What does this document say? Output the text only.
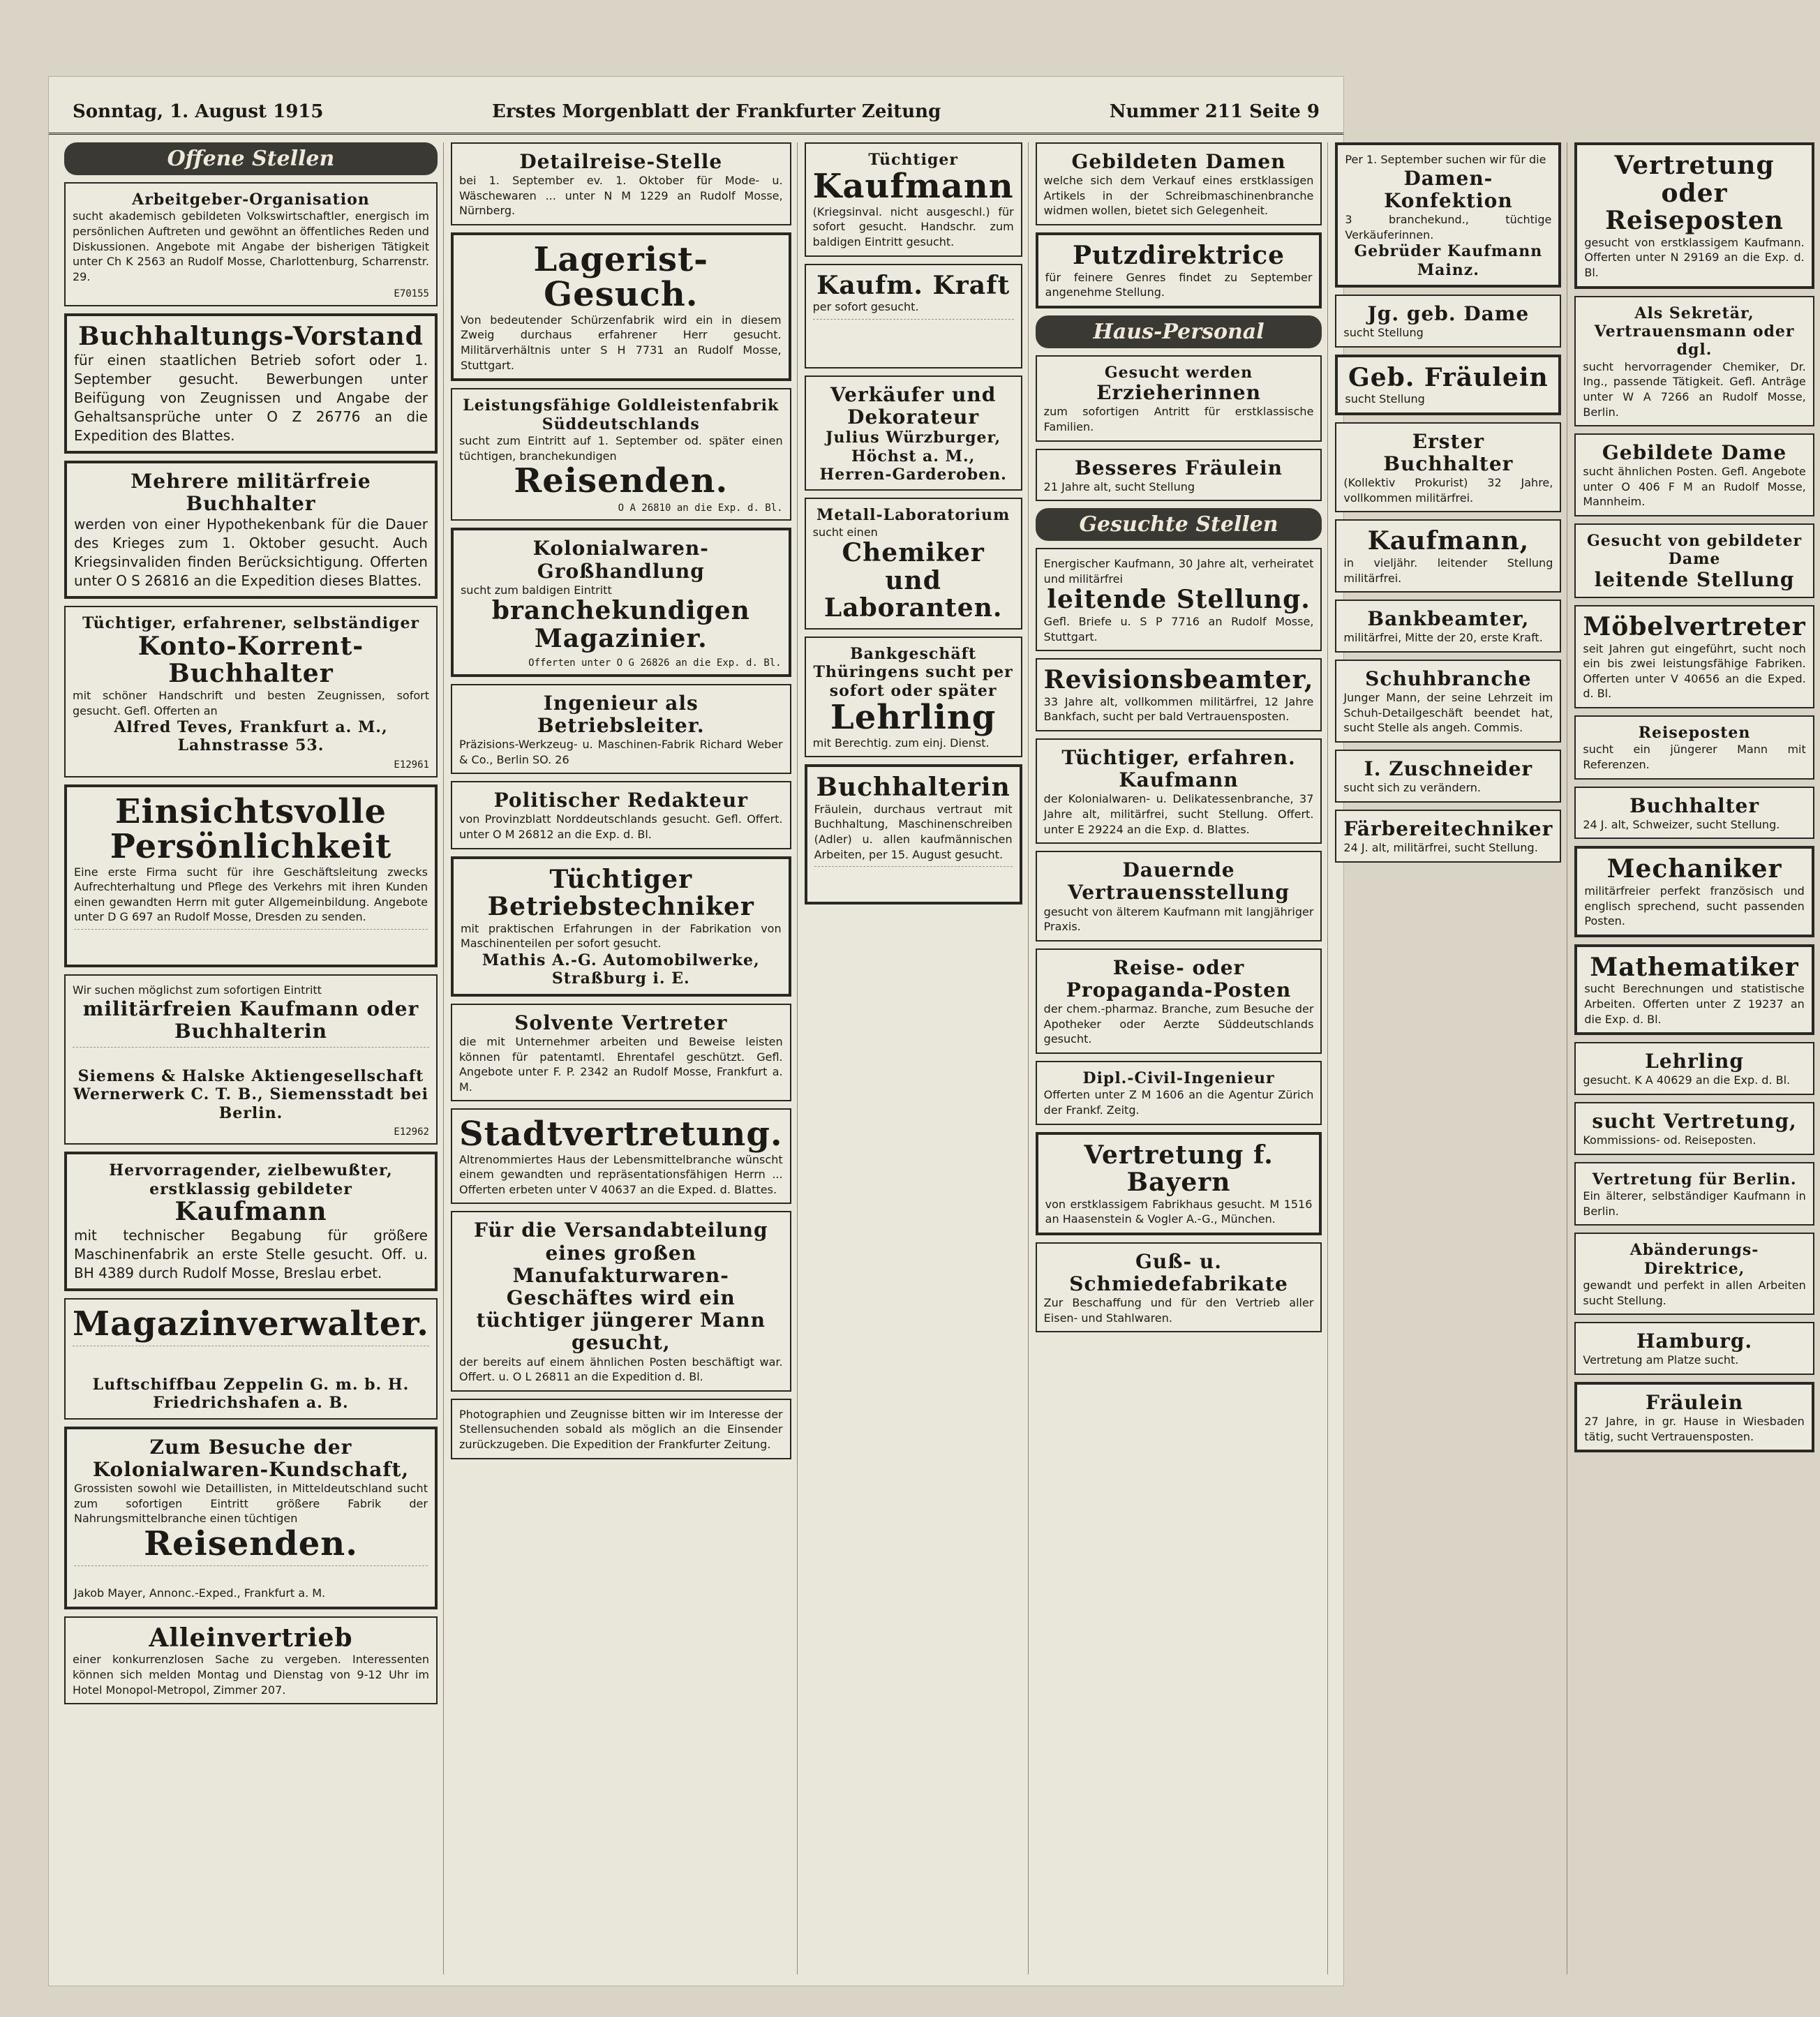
Sonntag, 1. August 1915	Erstes Morgenblatt der Frankfurter Zeitung	Nummer 211 Seite 9
Offene Stellen
Arbeitgeber-Organisation
sucht akademisch gebildeten Volkswirtschaftler, energisch im persönlichen Auftreten und gewöhnt an öffentliches Reden und Diskussionen. Angebote mit Angabe der bisherigen Tätigkeit unter Ch K 2563 an Rudolf Mosse, Charlottenburg, Scharrenstr. 29.
E70155
Buchhaltungs-Vorstand
für einen staatlichen Betrieb sofort oder 1. September gesucht. Bewerbungen unter Beifügung von Zeugnissen und Angabe der Gehaltsansprüche unter O Z 26776 an die Expedition des Blattes.
Mehrere militärfreie Buchhalter
werden von einer Hypothekenbank für die Dauer des Krieges zum 1. Oktober gesucht. Auch Kriegsinvaliden finden Berücksichtigung. Offerten unter O S 26816 an die Expedition dieses Blattes.
Tüchtiger, erfahrener, selbständiger
Konto-Korrent-Buchhalter
mit schöner Handschrift und besten Zeugnissen, sofort gesucht. Gefl. Offerten an
Alfred Teves, Frankfurt a. M., Lahnstrasse 53.
E12961
Einsichtsvolle Persönlichkeit
Eine erste Firma sucht für ihre Geschäftsleitung zwecks Aufrechterhaltung und Pflege des Verkehrs mit ihren Kunden einen gewandten Herrn mit guter Allgemeinbildung. Angebote unter D G 697 an Rudolf Mosse, Dresden zu senden.
Wir suchen möglichst zum sofortigen Eintritt
militärfreien Kaufmann oder Buchhalterin
Siemens & Halske Aktiengesellschaft Wernerwerk C. T. B., Siemensstadt bei Berlin.
E12962
Hervorragender, zielbewußter, erstklassig gebildeter
Kaufmann
mit technischer Begabung für größere Maschinenfabrik an erste Stelle gesucht. Off. u. BH 4389 durch Rudolf Mosse, Breslau erbet.
Magazinverwalter.
Luftschiffbau Zeppelin G. m. b. H. Friedrichshafen a. B.
Zum Besuche der Kolonialwaren-Kundschaft,
Grossisten sowohl wie Detaillisten, in Mitteldeutschland sucht zum sofortigen Eintritt größere Fabrik der Nahrungsmittelbranche einen tüchtigen
Reisenden.
Jakob Mayer, Annonc.-Exped., Frankfurt a. M.
Alleinvertrieb
einer konkurrenzlosen Sache zu vergeben. Interessenten können sich melden Montag und Dienstag von 9-12 Uhr im Hotel Monopol-Metropol, Zimmer 207.
Detailreise-Stelle
bei 1. September ev. 1. Oktober für Mode- u. Wäschewaren ... unter N M 1229 an Rudolf Mosse, Nürnberg.
Lagerist-Gesuch.
Von bedeutender Schürzenfabrik wird ein in diesem Zweig durchaus erfahrener Herr gesucht. Militärverhältnis unter S H 7731 an Rudolf Mosse, Stuttgart.
Leistungsfähige Goldleistenfabrik Süddeutschlands
sucht zum Eintritt auf 1. September od. später einen tüchtigen, branchekundigen
Reisenden.
O A 26810 an die Exp. d. Bl.
Kolonialwaren-Großhandlung
sucht zum baldigen Eintritt
branchekundigen Magazinier.
Offerten unter O G 26826 an die Exp. d. Bl.
Ingenieur als Betriebsleiter.
Präzisions-Werkzeug- u. Maschinen-Fabrik Richard Weber & Co., Berlin SO. 26
Politischer Redakteur
von Provinzblatt Norddeutschlands gesucht. Gefl. Offert. unter O M 26812 an die Exp. d. Bl.
Tüchtiger Betriebstechniker
mit praktischen Erfahrungen in der Fabrikation von Maschinenteilen per sofort gesucht.
Mathis A.-G. Automobilwerke, Straßburg i. E.
Solvente Vertreter
die mit Unternehmer arbeiten und Beweise leisten können für patentamtl. Ehrentafel geschützt. Gefl. Angebote unter F. P. 2342 an Rudolf Mosse, Frankfurt a. M.
Stadtvertretung.
Altrenommiertes Haus der Lebensmittelbranche wünscht einem gewandten und repräsentationsfähigen Herrn ... Offerten erbeten unter V 40637 an die Exped. d. Blattes.
Für die Versandabteilung eines großen Manufakturwaren-Geschäftes wird ein tüchtiger jüngerer Mann gesucht,
der bereits auf einem ähnlichen Posten beschäftigt war. Offert. u. O L 26811 an die Expedition d. Bl.
Photographien und Zeugnisse bitten wir im Interesse der Stellensuchenden sobald als möglich an die Einsender zurückzugeben. Die Expedition der Frankfurter Zeitung.
Tüchtiger
Kaufmann
(Kriegsinval. nicht ausgeschl.) für sofort gesucht. Handschr. zum baldigen Eintritt gesucht.
Kaufm. Kraft
per sofort gesucht.
Verkäufer und Dekorateur
Julius Würzburger, Höchst a. M., Herren-Garderoben.
Metall-Laboratorium
sucht einen
Chemiker und Laboranten.
Bankgeschäft Thüringens sucht per sofort oder später
Lehrling
mit Berechtig. zum einj. Dienst.
Buchhalterin
Fräulein, durchaus vertraut mit Buchhaltung, Maschinenschreiben (Adler) u. allen kaufmännischen Arbeiten, per 15. August gesucht.
Gebildeten Damen
welche sich dem Verkauf eines erstklassigen Artikels in der Schreibmaschinenbranche widmen wollen, bietet sich Gelegenheit.
Putzdirektrice
für feinere Genres findet zu September angenehme Stellung.
Haus-Personal
Gesucht werden
Erzieherinnen
zum sofortigen Antritt für erstklassische Familien.
Besseres Fräulein
21 Jahre alt, sucht Stellung
Gesuchte Stellen
Energischer Kaufmann, 30 Jahre alt, verheiratet und militärfrei
leitende Stellung.
Gefl. Briefe u. S P 7716 an Rudolf Mosse, Stuttgart.
Revisionsbeamter,
33 Jahre alt, vollkommen militärfrei, 12 Jahre Bankfach, sucht per bald Vertrauensposten.
Tüchtiger, erfahren. Kaufmann
der Kolonialwaren- u. Delikatessenbranche, 37 Jahre alt, militärfrei, sucht Stellung. Offert. unter E 29224 an die Exp. d. Blattes.
Dauernde Vertrauensstellung
gesucht von älterem Kaufmann mit langjähriger Praxis.
Reise- oder Propaganda-Posten
der chem.-pharmaz. Branche, zum Besuche der Apotheker oder Aerzte Süddeutschlands gesucht.
Dipl.-Civil-Ingenieur
Offerten unter Z M 1606 an die Agentur Zürich der Frankf. Zeitg.
Vertretung f. Bayern
von erstklassigem Fabrikhaus gesucht. M 1516 an Haasenstein & Vogler A.-G., München.
Guß- u. Schmiedefabrikate
Zur Beschaffung und für den Vertrieb aller Eisen- und Stahlwaren.
Per 1. September suchen wir für die
Damen-Konfektion
3 branchekund., tüchtige Verkäuferinnen.
Gebrüder Kaufmann Mainz.
Jg. geb. Dame
sucht Stellung
Geb. Fräulein
sucht Stellung
Erster Buchhalter
(Kollektiv Prokurist) 32 Jahre, vollkommen militärfrei.
Kaufmann,
in vieljähr. leitender Stellung militärfrei.
Bankbeamter,
militärfrei, Mitte der 20, erste Kraft.
Schuhbranche
Junger Mann, der seine Lehrzeit im Schuh-Detailgeschäft beendet hat, sucht Stelle als angeh. Commis.
I. Zuschneider
sucht sich zu verändern.
Färbereitechniker
24 J. alt, militärfrei, sucht Stellung.
Vertretung oder Reiseposten
gesucht von erstklassigem Kaufmann. Offerten unter N 29169 an die Exp. d. Bl.
Als Sekretär, Vertrauensmann oder dgl.
sucht hervorragender Chemiker, Dr. Ing., passende Tätigkeit. Gefl. Anträge unter W A 7266 an Rudolf Mosse, Berlin.
Gebildete Dame
sucht ähnlichen Posten. Gefl. Angebote unter O 406 F M an Rudolf Mosse, Mannheim.
Gesucht von gebildeter Dame
leitende Stellung
Möbelvertreter
seit Jahren gut eingeführt, sucht noch ein bis zwei leistungsfähige Fabriken. Offerten unter V 40656 an die Exped. d. Bl.
Reiseposten
sucht ein jüngerer Mann mit Referenzen.
Buchhalter
24 J. alt, Schweizer, sucht Stellung.
Mechaniker
militärfreier perfekt französisch und englisch sprechend, sucht passenden Posten.
Mathematiker
sucht Berechnungen und statistische Arbeiten. Offerten unter Z 19237 an die Exp. d. Bl.
Lehrling
gesucht. K A 40629 an die Exp. d. Bl.
sucht Vertretung,
Kommissions- od. Reiseposten.
Vertretung für Berlin.
Ein älterer, selbständiger Kaufmann in Berlin.
Abänderungs-Direktrice,
gewandt und perfekt in allen Arbeiten sucht Stellung.
Hamburg.
Vertretung am Platze sucht.
Fräulein
27 Jahre, in gr. Hause in Wiesbaden tätig, sucht Vertrauensposten.
